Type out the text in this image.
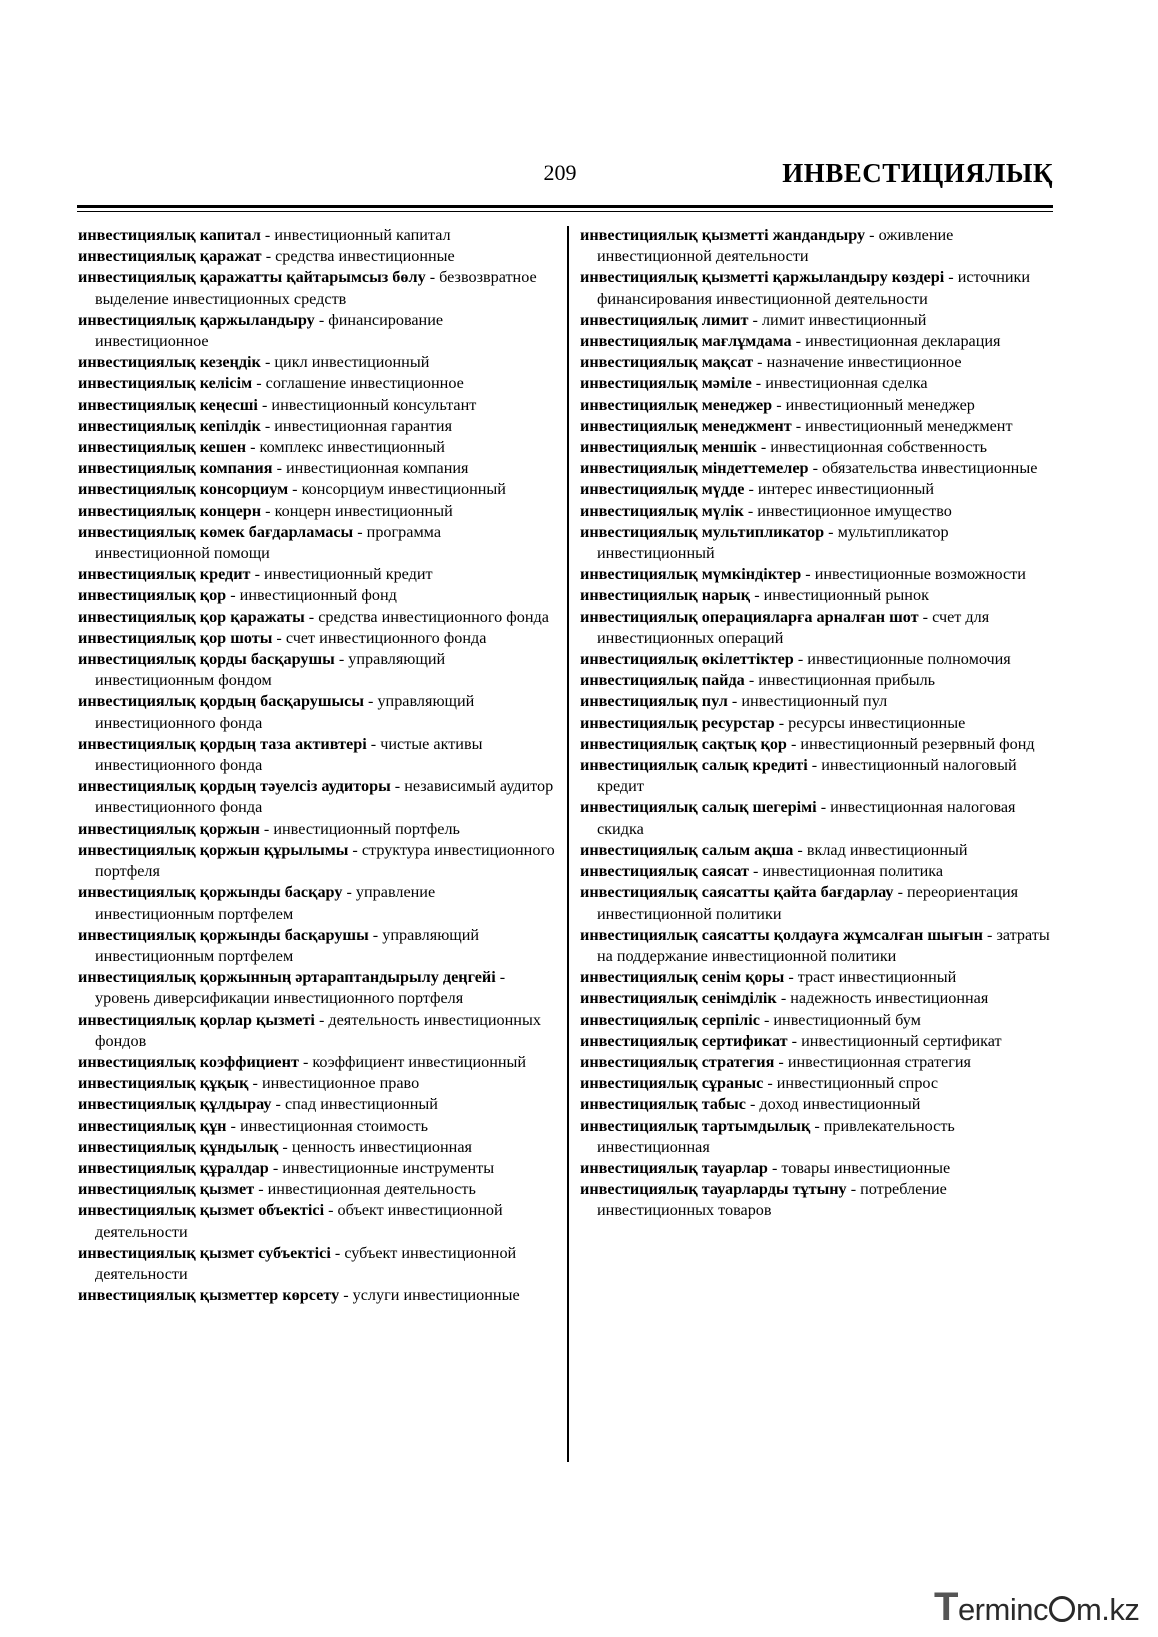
209	ИНВЕСТИЦИЯЛЫҚ

инвестициялық капитал - инвестиционный капитал

инвестициялық қаражат - средства инвестиционные

инвестициялық қаражатты қайтарымсыз бөлу - безвозвратное выделение инвестиционных средств

инвестициялық қаржыландыру - финансирование инвестиционное

инвестициялық кезеңдік - цикл инвестиционный

инвестициялық келісім - соглашение инвестиционное

инвестициялық кеңесші - инвестиционный консультант

инвестициялық кепілдік - инвестиционная гарантия

инвестициялық кешен - комплекс инвестиционный

инвестициялық компания - инвестиционная компания

инвестициялық консорциум - консорциум инвестиционный

инвестициялық концерн - концерн инвестиционный

инвестициялық көмек бағдарламасы - программа инвестиционной помощи

инвестициялық кредит - инвестиционный кредит

инвестициялық қор - инвестиционный фонд

инвестициялық қор қаражаты - средства инвестиционного фонда

инвестициялық қор шоты - счет инвестиционного фонда

инвестициялық қорды басқарушы - управляющий инвестиционным фондом

инвестициялық қордың басқарушысы - управляющий инвестиционного фонда

инвестициялық қордың таза активтері - чистые активы инвестиционного фонда

инвестициялық қордың тәуелсіз аудиторы - независимый аудитор инвестиционного фонда

инвестициялық қоржын - инвестиционный портфель

инвестициялық қоржын құрылымы - структура инвестиционного портфеля

инвестициялық қоржынды басқару - управление инвестиционным портфелем

инвестициялық қоржынды басқарушы - управляющий инвестиционным портфелем

инвестициялық қоржынның әртараптандырылу деңгейі - уровень диверсификации инвестиционного портфеля

инвестициялық қорлар қызметі - деятельность инвестиционных фондов

инвестициялық коэффициент - коэффициент инвестиционный

инвестициялық құқық - инвестиционное право

инвестициялық құлдырау - спад инвестиционный

инвестициялық құн - инвестиционная стоимость

инвестициялық құндылық - ценность инвестиционная

инвестициялық құралдар - инвестиционные инструменты

инвестициялық қызмет - инвестиционная деятельность

инвестициялық қызмет объектісі - объект инвестиционной деятельности

инвестициялық қызмет субъектісі - субъект инвестиционной деятельности

инвестициялық қызметтер көрсету - услуги инвестиционные

инвестициялық қызметті жандандыру - оживление инвестиционной деятельности

инвестициялық қызметті қаржыландыру көздері - источники финансирования инвестиционной деятельности

инвестициялық лимит - лимит инвестиционный

инвестициялық мағлұмдама - инвестиционная декларация

инвестициялық мақсат - назначение инвестиционное

инвестициялық мәміле - инвестиционная сделка

инвестициялық менеджер - инвестиционный менеджер

инвестициялық менеджмент - инвестиционный менеджмент

инвестициялық меншік - инвестиционная собственность

инвестициялық міндеттемелер - обязательства инвестиционные

инвестициялық мүдде - интерес инвестиционный

инвестициялық мүлік - инвестиционное имущество

инвестициялық мультипликатор - мультипликатор инвестиционный

инвестициялық мүмкіндіктер - инвестиционные возможности

инвестициялық нарық - инвестиционный рынок

инвестициялық операцияларға арналған шот - счет для инвестиционных операций

инвестициялық өкілеттіктер - инвестиционные полномочия

инвестициялық пайда - инвестиционная прибыль

инвестициялық пул - инвестиционный пул

инвестициялық ресурстар - ресурсы инвестиционные

инвестициялық сақтық қор - инвестиционный резервный фонд

инвестициялық салық кредиті - инвестиционный налоговый кредит

инвестициялық салық шегерімі - инвестиционная налоговая скидка

инвестициялық салым ақша - вклад инвестиционный

инвестициялық саясат - инвестиционная политика

инвестициялық саясатты қайта бағдарлау - переориентация инвестиционной политики

инвестициялық саясатты қолдауға жұмсалған шығын - затраты на поддержание инвестиционной политики

инвестициялық сенім қоры - траст инвестиционный

инвестициялық сенімділік - надежность инвестиционная

инвестициялық серпіліс - инвестиционный бум

инвестициялық сертификат - инвестиционный сертификат

инвестициялық стратегия - инвестиционная стратегия

инвестициялық сұраныс - инвестиционный спрос

инвестициялық табыс - доход инвестиционный

инвестициялық тартымдылық - привлекательность инвестиционная

инвестициялық тауарлар - товары инвестиционные

инвестициялық тауарларды тұтыну - потребление инвестиционных товаров

Terminc m.kz
